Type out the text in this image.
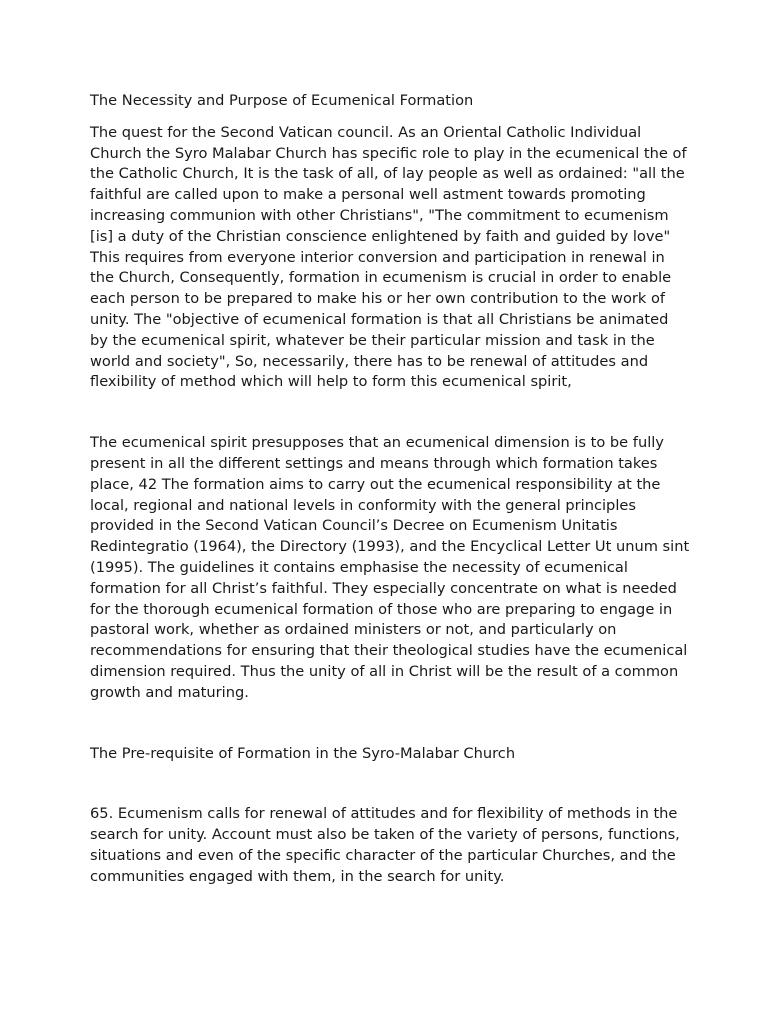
The Necessity and Purpose of Ecumenical Formation

The quest for the Second Vatican council. As an Oriental Catholic Individual Church the Syro Malabar Church has specific role to play in the ecumenical the of the Catholic Church, It is the task of all, of lay people as well as ordained: "all the faithful are called upon to make a personal well astment towards promoting increasing communion with other Christians", "The commitment to ecumenism [is] a duty of the Christian conscience enlightened by faith and guided by love" This requires from everyone interior conversion and participation in renewal in the Church, Consequently, formation in ecumenism is crucial in order to enable each person to be prepared to make his or her own contribution to the work of unity. The "objective of ecumenical formation is that all Christians be animated by the ecumenical spirit, whatever be their particular mission and task in the world and society", So, necessarily, there has to be renewal of attitudes and flexibility of method which will help to form this ecumenical spirit,

The ecumenical spirit presupposes that an ecumenical dimension is to be fully present in all the different settings and means through which formation takes place, 42 The formation aims to carry out the ecumenical responsibility at the local, regional and national levels in conformity with the general principles provided in the Second Vatican Council’s Decree on Ecumenism Unitatis Redintegratio (1964), the Directory (1993), and the Encyclical Letter Ut unum sint (1995). The guidelines it contains emphasise the necessity of ecumenical formation for all Christ’s faithful. They especially concentrate on what is needed for the thorough ecumenical formation of those who are preparing to engage in pastoral work, whether as ordained ministers or not, and particularly on recommendations for ensuring that their theological studies have the ecumenical dimension required. Thus the unity of all in Christ will be the result of a common growth and maturing.

The Pre-requisite of Formation in the Syro-Malabar Church

65. Ecumenism calls for renewal of attitudes and for flexibility of methods in the search for unity. Account must also be taken of the variety of persons, functions, situations and even of the specific character of the particular Churches, and the communities engaged with them, in the search for unity.
